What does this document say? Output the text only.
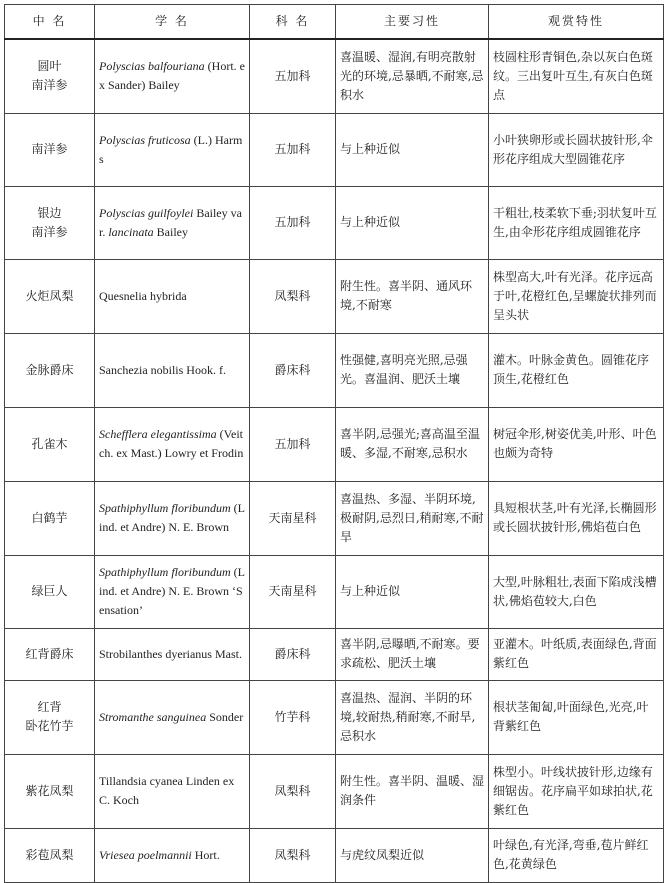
中 名	学 名	科 名	主要习性	观赏特性

圆叶
南洋参	Polyscias balfouriana (Hort. ex Sander) Bailey	五加科	喜温暖、湿润,有明亮散射光的环境,忌暴晒,不耐寒,忌积水	枝圆柱形青铜色,杂以灰白色斑纹。三出复叶互生,有灰白色斑点

南洋参	Polyscias fruticosa (L.) Harms	五加科	与上种近似	小叶狭卵形或长圆状披针形,伞形花序组成大型圆锥花序

银边
南洋参	Polyscias guilfoylei Bailey var. lancinata Bailey	五加科	与上种近似	干粗壮,枝柔软下垂;羽状复叶互生,由伞形花序组成圆锥花序

火炬凤梨	Quesnelia hybrida	凤梨科	附生性。喜半阴、通风环境,不耐寒	株型高大,叶有光泽。花序远高于叶,花橙红色,呈螺旋状排列而呈头状

金脉爵床	Sanchezia nobilis Hook. f.	爵床科	性强健,喜明亮光照,忌强光。喜温润、肥沃土壤	灌木。叶脉金黄色。圆锥花序顶生,花橙红色

孔雀木	Schefflera elegantissima (Veitch. ex Mast.) Lowry et Frodin	五加科	喜半阴,忌强光;喜高温至温暖、多湿,不耐寒,忌积水	树冠伞形,树姿优美,叶形、叶色也颇为奇特

白鹤芋	Spathiphyllum floribundum (Lind. et Andre) N. E. Brown	天南星科	喜温热、多湿、半阴环境,极耐阴,忌烈日,稍耐寒,不耐旱	具短根状茎,叶有光泽,长椭圆形或长圆状披针形,佛焰苞白色

绿巨人	Spathiphyllum floribundum (Lind. et Andre) N. E. Brown ‘Sensation’	天南星科	与上种近似	大型,叶脉粗壮,表面下陷成浅槽状,佛焰苞较大,白色

红背爵床	Strobilanthes dyerianus Mast.	爵床科	喜半阴,忌曝晒,不耐寒。要求疏松、肥沃土壤	亚灌木。叶纸质,表面绿色,背面紫红色

红背
卧花竹芋	Stromanthe sanguinea Sonder	竹芋科	喜温热、湿润、半阴的环境,较耐热,稍耐寒,不耐旱,忌积水	根状茎匍匐,叶面绿色,光亮,叶背紫红色

紫花凤梨	Tillandsia cyanea Linden ex C. Koch	凤梨科	附生性。喜半阴、温暖、湿润条件	株型小。叶线状披针形,边缘有细锯齿。花序扁平如球拍状,花紫红色

彩苞凤梨	Vriesea poelmannii Hort.	凤梨科	与虎纹凤梨近似	叶绿色,有光泽,弯垂,苞片鲜红色,花黄绿色
